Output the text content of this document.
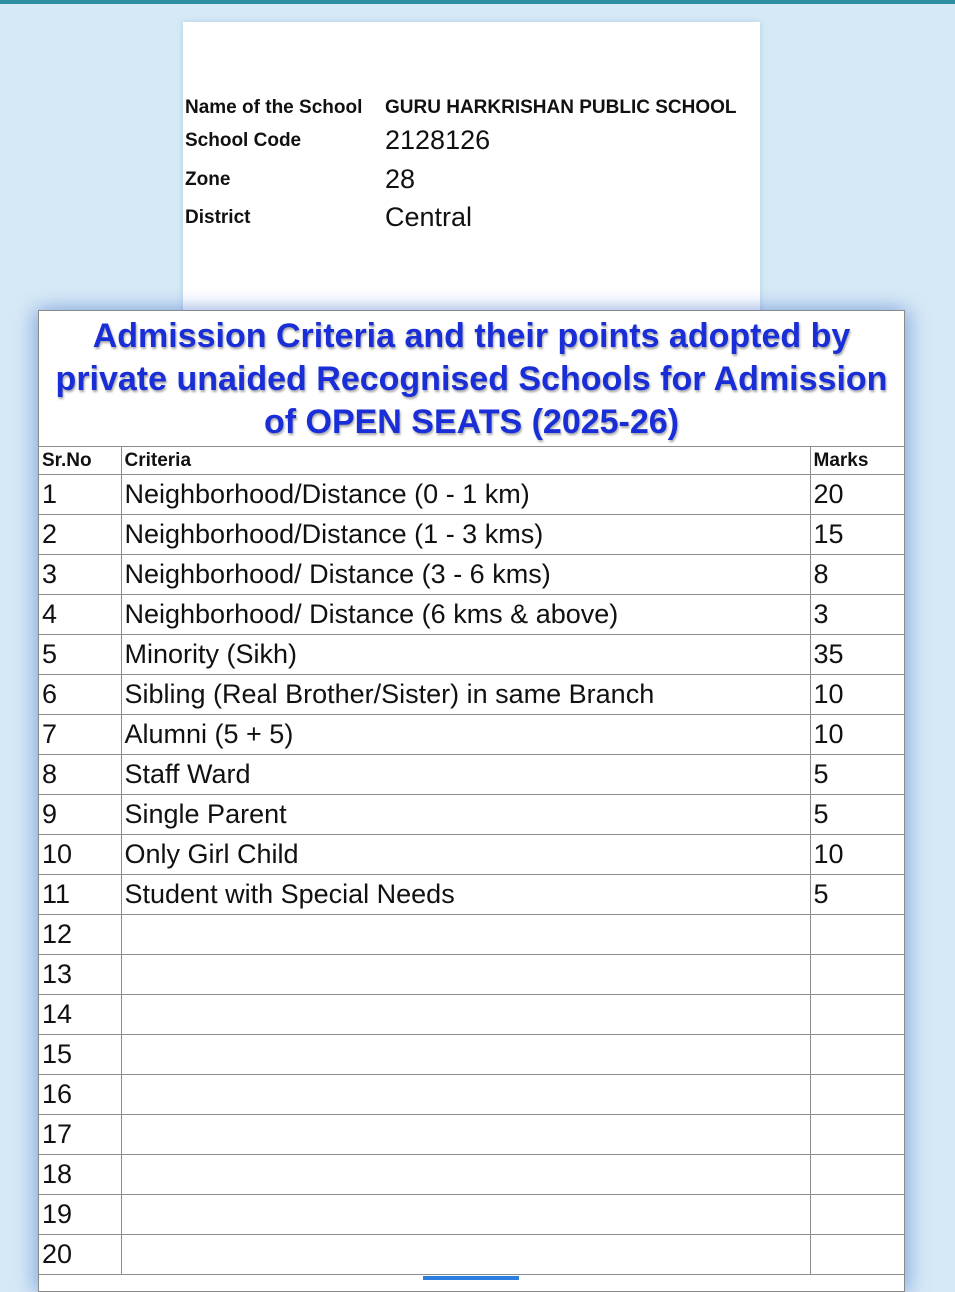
Name of the School GURU HARKRISHAN PUBLIC SCHOOL
School Code	2128126
Zone	28
District	Central
Admission Criteria and their points adopted by
private unaided Recognised Schools for Admission
of OPEN SEATS (2025-26)
Sr.No	Criteria	Marks
1	Neighborhood/Distance (0 - 1 km)	20
2	Neighborhood/Distance (1 - 3 kms)	15
3	Neighborhood/ Distance (3 - 6 kms)	8
4	Neighborhood/ Distance (6 kms & above)	3
5	Minority (Sikh)	35
6	Sibling (Real Brother/Sister) in same Branch	10
7	Alumni (5 + 5)	10
8	Staff Ward	5
9	Single Parent	5
10	Only Girl Child	10
11	Student with Special Needs	5
12		
13		
14		
15		
16		
17		
18		
19		
20		
